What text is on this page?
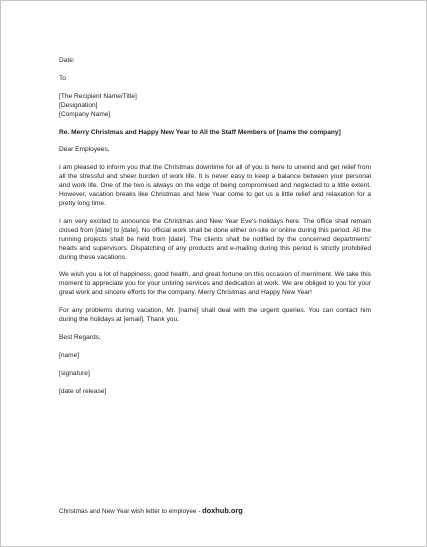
Date:
To
[The Recipient Name/Title]
[Designation]
[Company Name]
Re. Merry Christmas and Happy New Year to All the Staff Members of [name the company]
Dear Employees,
I am pleased to inform you that the Christmas downtime for all of you is here to unwind and get relief from all the stressful and sheer burden of work life. It is never easy to keep a balance between your personal and work life. One of the two is always on the edge of being compromised and neglected to a little extent. However, vacation breaks like Christmas and New Year come to get us a little relief and relaxation for a pretty long time.
I am very excited to announce the Christmas and New Year Eve's holidays here. The office shall remain closed from [date] to [date]. No official work shall be done either on-site or online during this period. All the running projects shall be held from [date]. The clients shall be notified by the concerned departments' heads and supervisors. Dispatching of any products and e-mailing during this period is strictly prohibited during these vacations.
We wish you a lot of happiness, good health, and great fortune on this occasion of merriment. We take this moment to appreciate you for your untiring services and dedication at work. We are obliged to you for your great work and sincere efforts for the company. Merry Christmas and Happy New Year!
For any problems during vacation, Mr. [name] shall deal with the urgent queries. You can contact him during the holidays at [email]. Thank you.
Best Regards,
[name]
[signature]
[date of release]
Christmas and New Year wish letter to employee - doxhub.org
